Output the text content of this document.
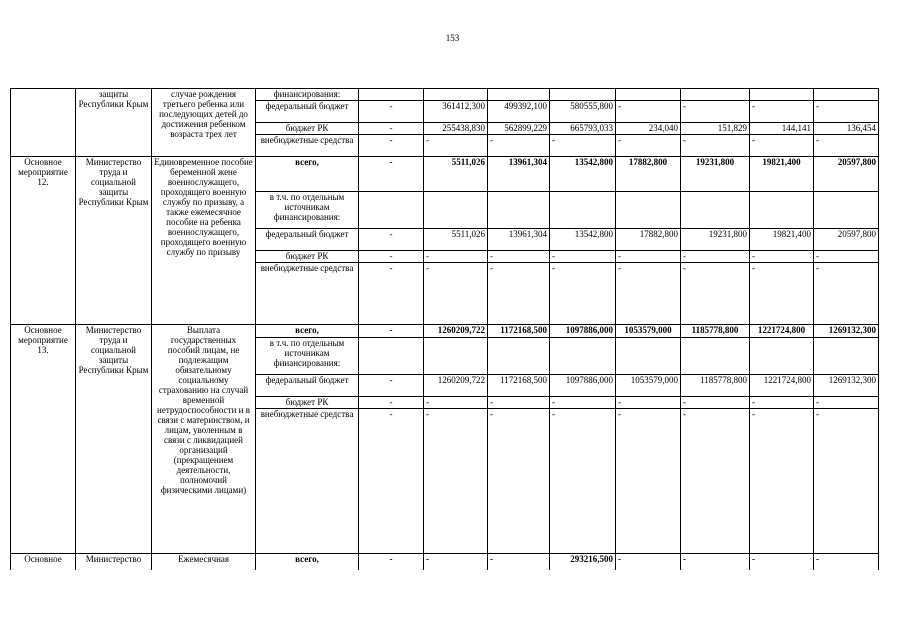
153
	защиты Республики Крым	случае рождения третьего ребенка или последующих детей до достижения ребенком возраста трех лет	финансирования:								
			федеральный бюджет	-	361412,300	499392,100	580555,800	-	-	-	-
			бюджет РК	-	255438,830	562899,229	665793,033	234,040	151,829	144,141	136,454
			внебюджетные средства	-	-	-	-	-	-	-	-
Основное мероприятие 12.	Министерство труда и социальной защиты Республики Крым	Единовременное пособие беременной жене военнослужащего, проходящего военную службу по призыву, а также ежемесячное пособие на ребенка военнослужащего, проходящего военную службу по призыву	всего,	-	5511,026	13961,304	13542,800	17882,800	19231,800	19821,400	20597,800
			в т.ч. по отдельным источникам финансирования:								
			федеральный бюджет	-	5511,026	13961,304	13542,800	17882,800	19231,800	19821,400	20597,800
			бюджет РК	-	-	-	-	-	-	-	-
			внебюджетные средства	-	-	-	-	-	-	-	-
Основное мероприятие 13.	Министерство труда и социальной защиты Республики Крым	Выплата государственных пособий лицам, не подлежащим обязательному социальному страхованию на случай временной нетрудоспособности и в связи с материнством, и лицам, уволенным в связи с ликвидацией организаций (прекращением деятельности, полномочий физическими лицами)	всего,	-	1260209,722	1172168,500	1097886,000	1053579,000	1185778,800	1221724,800	1269132,300
			в т.ч. по отдельным источникам финансирования:								
			федеральный бюджет	-	1260209,722	1172168,500	1097886,000	1053579,000	1185778,800	1221724,800	1269132,300
			бюджет РК	-	-	-	-	-	-	-	-
			внебюджетные средства	-	-	-	-	-	-	-	-
Основное	Министерство	Ежемесячная	всего,	-	-	-	293216,500	-	-	-	-
